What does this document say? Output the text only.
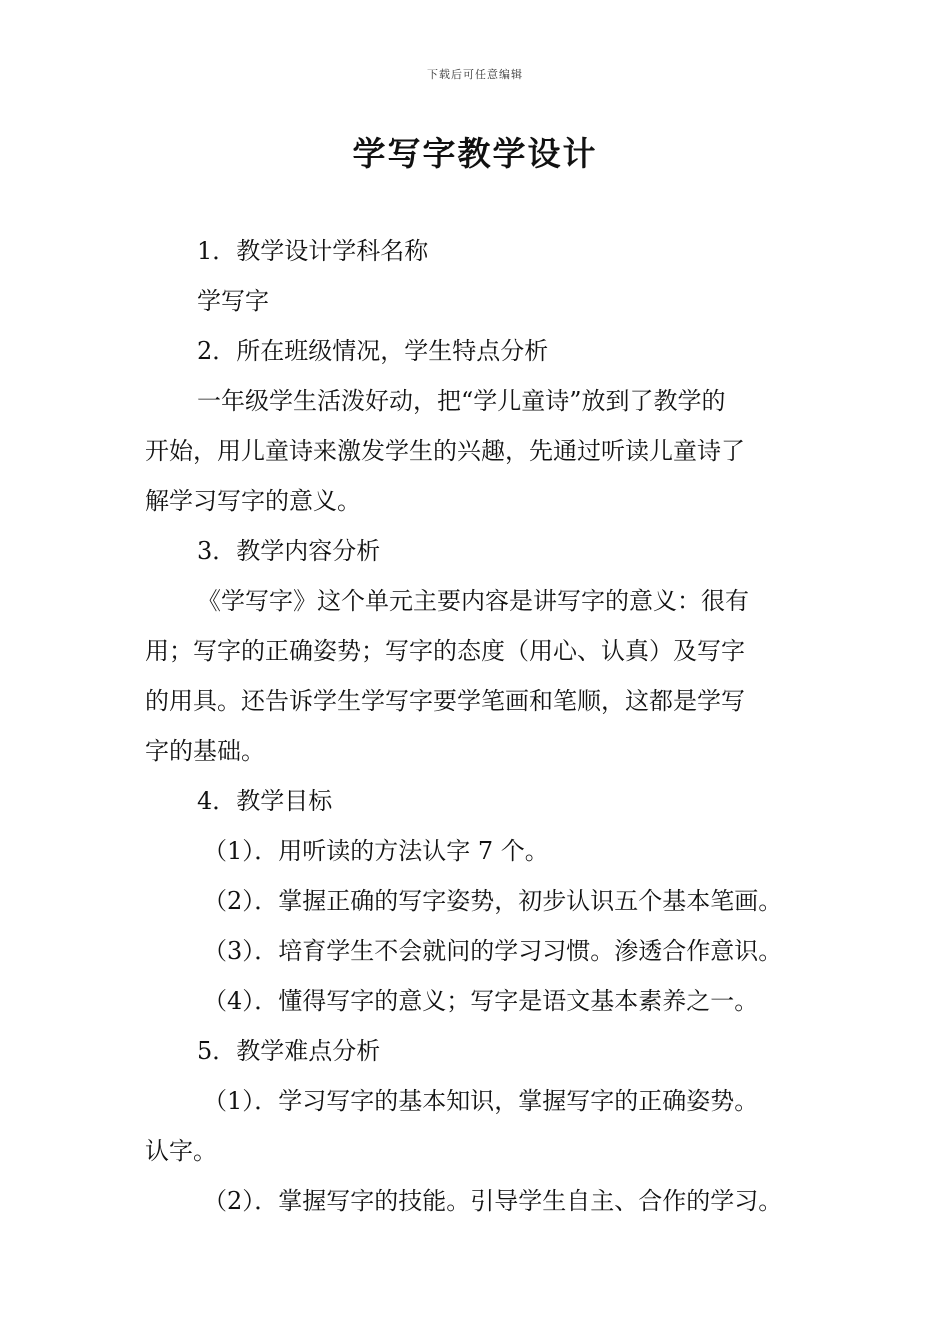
下载后可任意编辑
学写字教学设计

1．教学设计学科名称

学写字

2．所在班级情况，学生特点分析

一年级学生活泼好动，把“学儿童诗”放到了教学的

开始，用儿童诗来激发学生的兴趣，先通过听读儿童诗了

解学习写字的意义。

3．教学内容分析

《学写字》这个单元主要内容是讲写字的意义：很有

用；写字的正确姿势；写字的态度（用心、认真）及写字

的用具。还告诉学生学写字要学笔画和笔顺，这都是学写

字的基础。

4．教学目标

（1）．用听读的方法认字 7 个。

（2）．掌握正确的写字姿势，初步认识五个基本笔画。

（3）．培育学生不会就问的学习习惯。渗透合作意识。

（4）．懂得写字的意义；写字是语文基本素养之一。

5．教学难点分析

（1）．学习写字的基本知识，掌握写字的正确姿势。

认字。

（2）．掌握写字的技能。引导学生自主、合作的学习。
